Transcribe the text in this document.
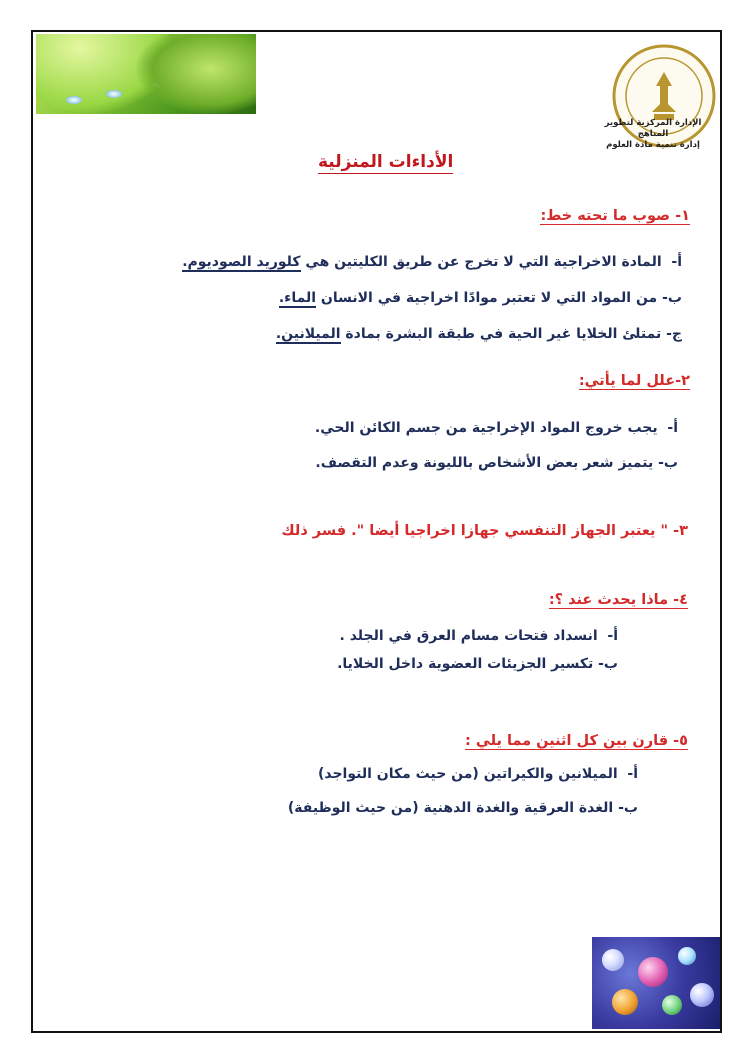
الإدارة المركزية لتطوير المناهج
إدارة تنمية مادة العلوم
الأداءات المنزلية
١- صوب ما تحته خط:
أ-  المادة الاخراجية التي لا تخرج عن طريق الكليتين هي كلوريد الصوديوم.
ب- من المواد التي لا تعتبر موادًا اخراجية في الانسان الماء.
ج- تمتلئ الخلايا غير الحية في طبقة البشرة بمادة الميلانين.
٢-علل لما يأتي:
أ-  يجب خروج المواد الإخراجية من جسم الكائن الحي.
ب- يتميز شعر بعض الأشخاص بالليونة وعدم التقصف.
٣- " يعتبر الجهاز التنفسي جهازا اخراجيا أيضا ". فسر ذلك
٤- ماذا يحدث عند ؟:
أ-  انسداد فتحات مسام العرق في الجلد .
ب- تكسير الجزيئات العضوية داخل الخلايا.
٥- قارن بين كل اثنين مما يلي :
أ-  الميلانين والكيراتين (من حيث مكان التواجد)
ب- الغدة العرقية والغدة الدهنية (من حيث الوظيفة)
